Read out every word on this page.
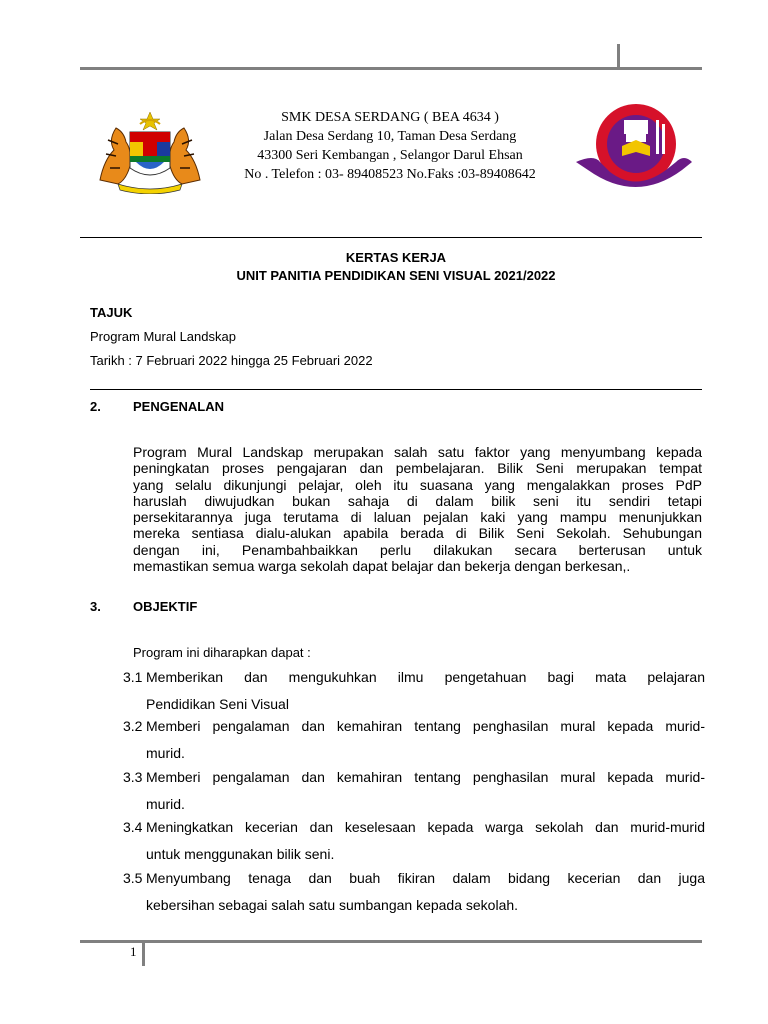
SMK DESA SERDANG ( BEA 4634 )
Jalan Desa Serdang 10, Taman Desa Serdang
43300 Seri Kembangan , Selangor Darul Ehsan
No . Telefon : 03- 89408523 No.Faks :03-89408642
KERTAS KERJA
UNIT PANITIA PENDIDIKAN SENI VISUAL 2021/2022
TAJUK
Program Mural Landskap
Tarikh : 7 Februari 2022 hingga 25 Februari 2022
2. PENGENALAN
Program Mural Landskap merupakan salah satu faktor yang menyumbang kepada
peningkatan proses pengajaran dan pembelajaran. Bilik Seni merupakan tempat
yang selalu dikunjungi pelajar, oleh itu suasana yang mengalakkan proses PdP
haruslah diwujudkan bukan sahaja di dalam bilik seni itu sendiri tetapi
persekitarannya juga terutama di laluan pejalan kaki yang mampu menunjukkan
mereka sentiasa dialu-alukan apabila berada di Bilik Seni Sekolah. Sehubungan
dengan ini, Penambahbaikkan perlu dilakukan secara berterusan untuk
memastikan semua warga sekolah dapat belajar dan bekerja dengan berkesan,.
3. OBJEKTIF
Program ini diharapkan dapat :
3.1 Memberikan dan mengukuhkan ilmu pengetahuan bagi mata pelajaran
Pendidikan Seni Visual
3.2 Memberi pengalaman dan kemahiran tentang penghasilan mural kepada murid-
murid.
3.3 Memberi pengalaman dan kemahiran tentang penghasilan mural kepada murid-
murid.
3.4 Meningkatkan kecerian dan keselesaan kepada warga sekolah dan murid-murid
untuk menggunakan bilik seni.
3.5 Menyumbang tenaga dan buah fikiran dalam bidang kecerian dan juga
kebersihan sebagai salah satu sumbangan kepada sekolah.
1
